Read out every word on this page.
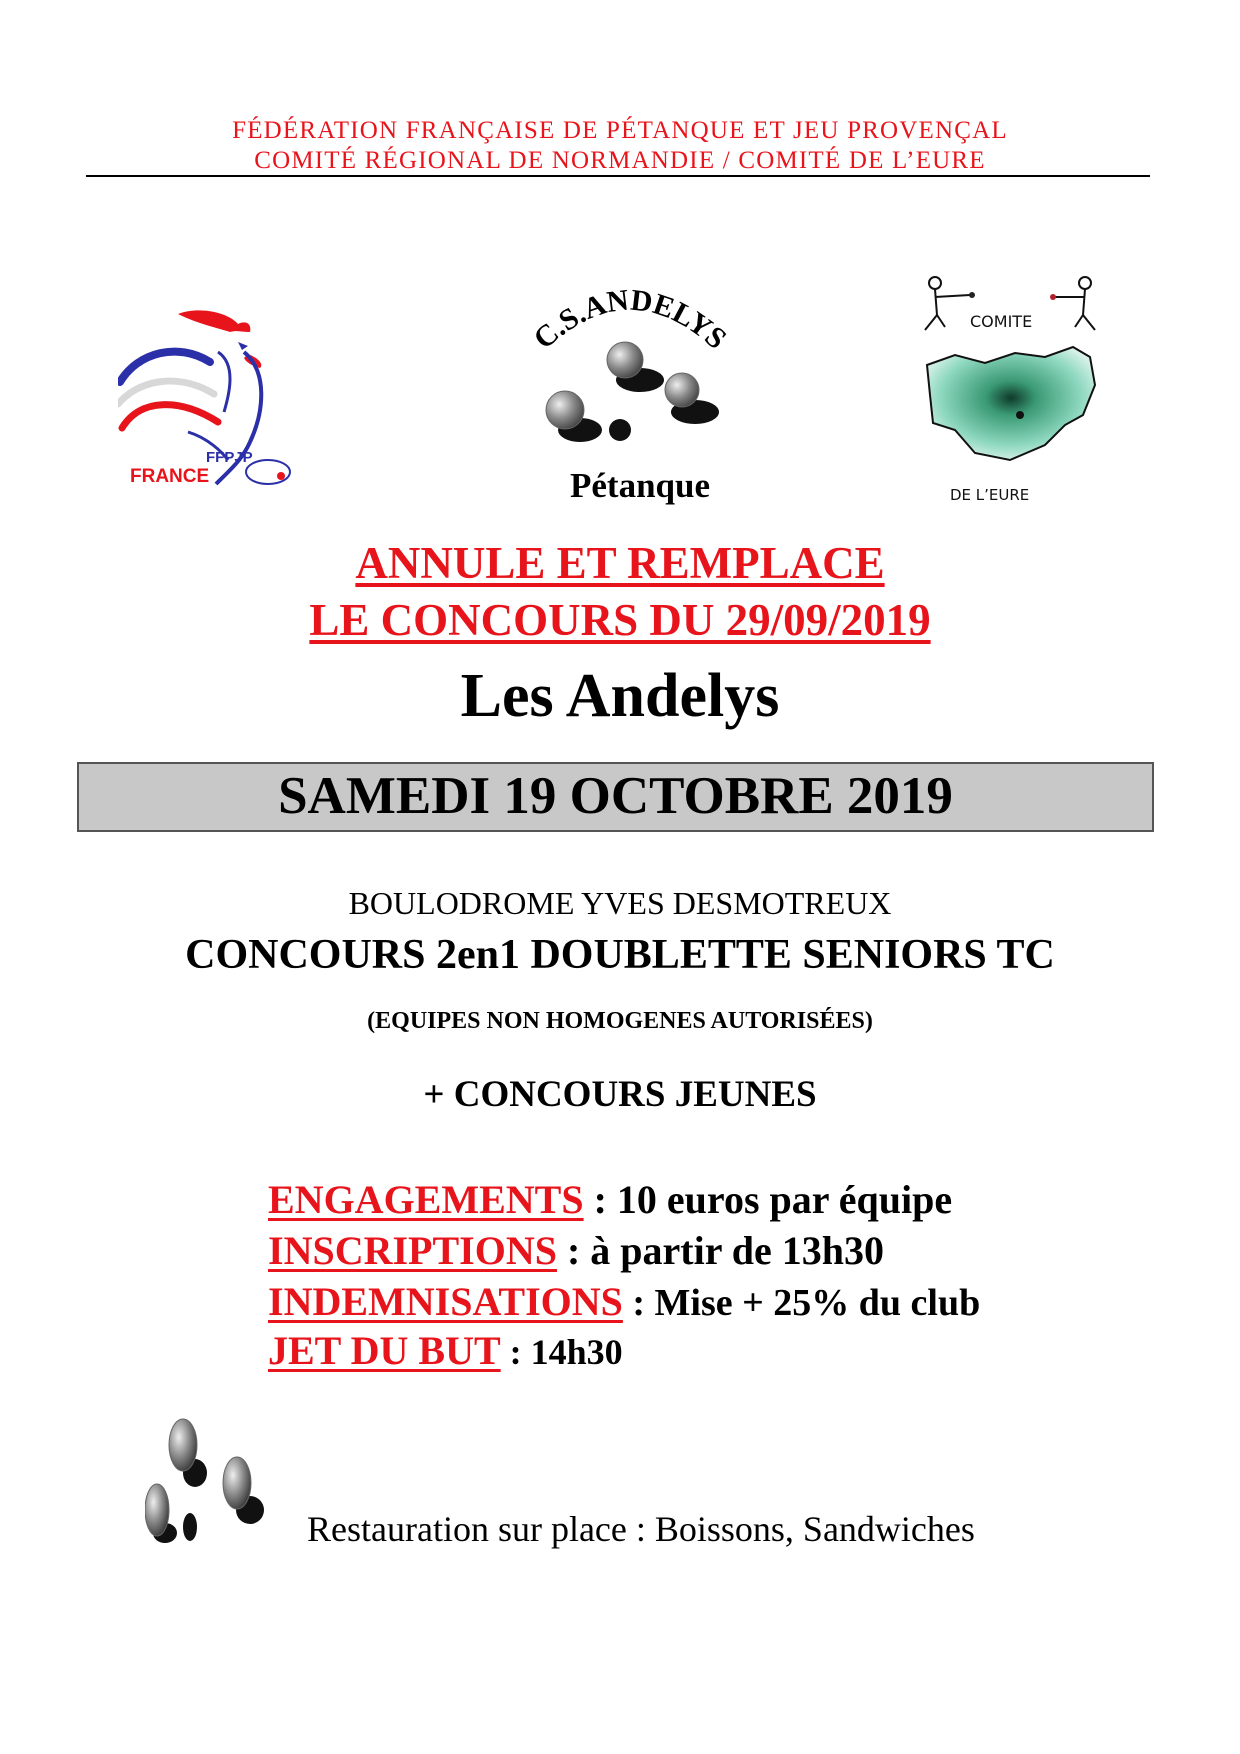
FÉDÉRATION FRANÇAISE DE PÉTANQUE ET JEU PROVENÇAL
COMITÉ RÉGIONAL DE NORMANDIE / COMITÉ DE L’EURE
FFPJP
FRANCE
C.S.ANDELYS
Pétanque
COMITE
DE L’EURE
ANNULE ET REMPLACE
LE CONCOURS DU 29/09/2019
Les Andelys
SAMEDI 19 OCTOBRE 2019
BOULODROME YVES DESMOTREUX
CONCOURS 2en1 DOUBLETTE SENIORS TC
(EQUIPES NON HOMOGENES AUTORISÉES)
+ CONCOURS JEUNES
ENGAGEMENTS : 10 euros par équipe
INSCRIPTIONS : à partir de 13h30
INDEMNISATIONS : Mise + 25% du club
JET DU BUT : 14h30
Restauration sur place : Boissons, Sandwiches
